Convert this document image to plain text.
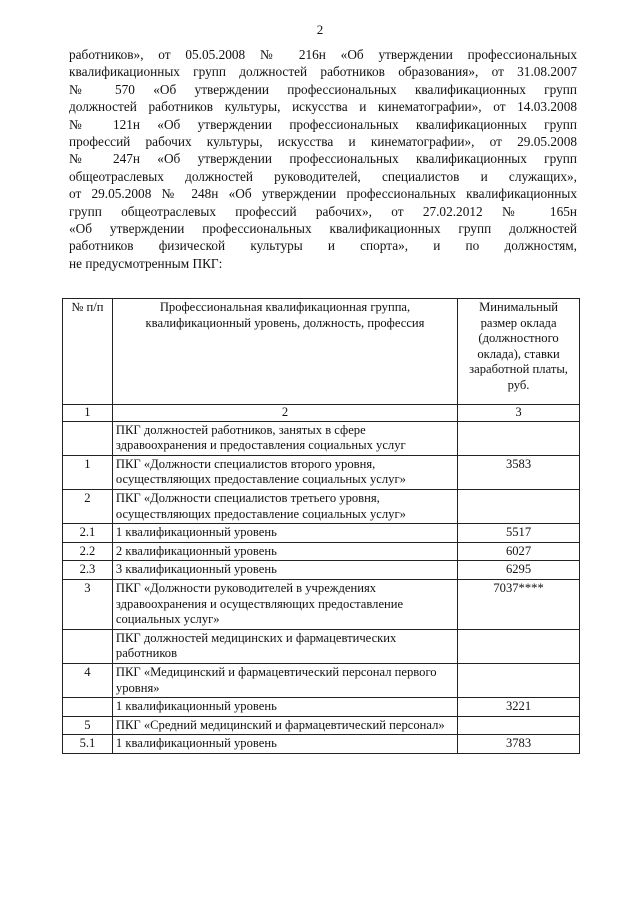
2
работников», от 05.05.2008 № 216н «Об утверждении профессиональных
квалификационных групп должностей работников образования», от 31.08.2007
№ 570 «Об утверждении профессиональных квалификационных групп
должностей работников культуры, искусства и кинематографии», от 14.03.2008
№ 121н «Об утверждении профессиональных квалификационных групп
профессий рабочих культуры, искусства и кинематографии», от 29.05.2008
№ 247н «Об утверждении профессиональных квалификационных групп
общеотраслевых должностей руководителей, специалистов и служащих»,
от 29.05.2008 № 248н «Об утверждении профессиональных квалификационных
групп общеотраслевых профессий рабочих», от 27.02.2012 № 165н
«Об утверждении профессиональных квалификационных групп должностей
работников физической культуры и спорта», и по должностям,
не предусмотренным ПКГ:
№ п/п	Профессиональная квалификационная группа, квалификационный уровень, должность, профессия	Минимальный размер оклада (должностного оклада), ставки заработной платы, руб.
1	2	3
	ПКГ должностей работников, занятых в сфере здравоохранения и предоставления социальных услуг	
1	ПКГ «Должности специалистов второго уровня, осуществляющих предоставление социальных услуг»	3583
2	ПКГ «Должности специалистов третьего уровня, осуществляющих предоставление социальных услуг»	
2.1	1 квалификационный уровень	5517
2.2	2 квалификационный уровень	6027
2.3	3 квалификационный уровень	6295
3	ПКГ «Должности руководителей в учреждениях здравоохранения и осуществляющих предоставление социальных услуг»	7037****
	ПКГ должностей медицинских и фармацевтических работников	
4	ПКГ «Медицинский и фармацевтический персонал первого уровня»	
	1 квалификационный уровень	3221
5	ПКГ «Средний медицинский и фармацевтический персонал»	
5.1	1 квалификационный уровень	3783
